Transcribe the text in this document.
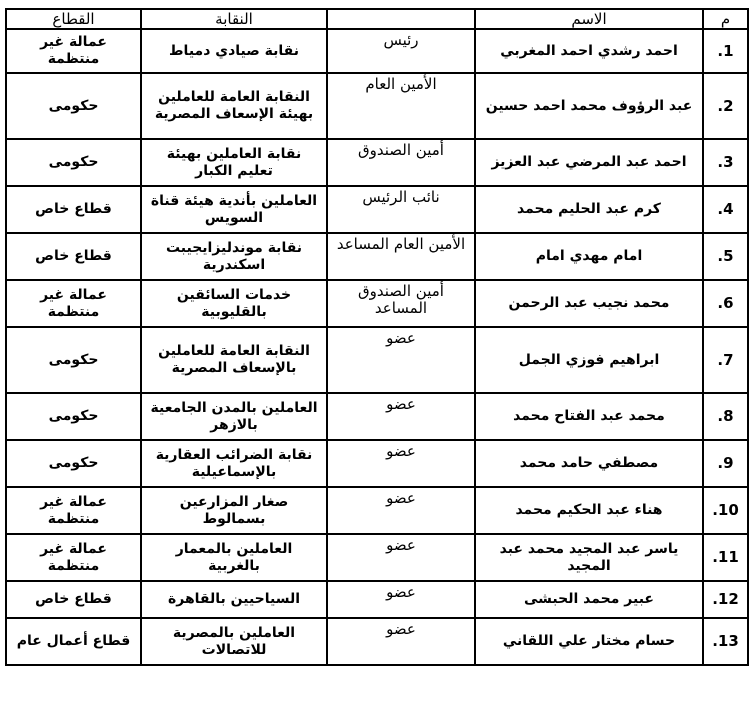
القطاع	النقابة		الاسم	م

عمالة غير منتظمة	نقابة صيادي دمياط	رئيس	احمد رشدي احمد المغربي	1.

حكومى	النقابة العامة للعاملين بهيئة الإسعاف المصرية	الأمين العام	عبد الرؤوف محمد احمد حسين	2.

حكومى	نقابة العاملين بهيئة تعليم الكبار	أمين الصندوق	احمد عبد المرضي عبد العزيز	3.

قطاع خاص	العاملين بأندية هيئة قناة السويس	نائب الرئيس	كرم عبد الحليم محمد	4.

قطاع خاص	نقابة موندليزايجيبت اسكندرية	الأمين العام المساعد	امام مهدي امام	5.

عمالة غير منتظمة	خدمات السائقين بالقليوبية	أمين الصندوق المساعد	محمد نجيب عبد الرحمن	6.

حكومى	النقابة العامة للعاملين بالإسعاف المصرية	عضو	ابراهيم فوزي الجمل	7.

حكومى	العاملين بالمدن الجامعية بالازهر	عضو	محمد عبد الفتاح محمد	8.

حكومى	نقابة الضرائب العقارية بالإسماعيلية	عضو	مصطفي حامد محمد	9.

عمالة غير منتظمة	صغار المزارعين بسمالوط	عضو	هناء عبد الحكيم محمد	10.

عمالة غير منتظمة	العاملين بالمعمار بالغربية	عضو	ياسر عبد المجيد محمد عبد المجيد	11.

قطاع خاص	السياحيين بالقاهرة	عضو	عبير محمد الحبشى	12.

قطاع أعمال عام	العاملين بالمصرية للاتصالات	عضو	حسام مختار علي اللقاني	13.
